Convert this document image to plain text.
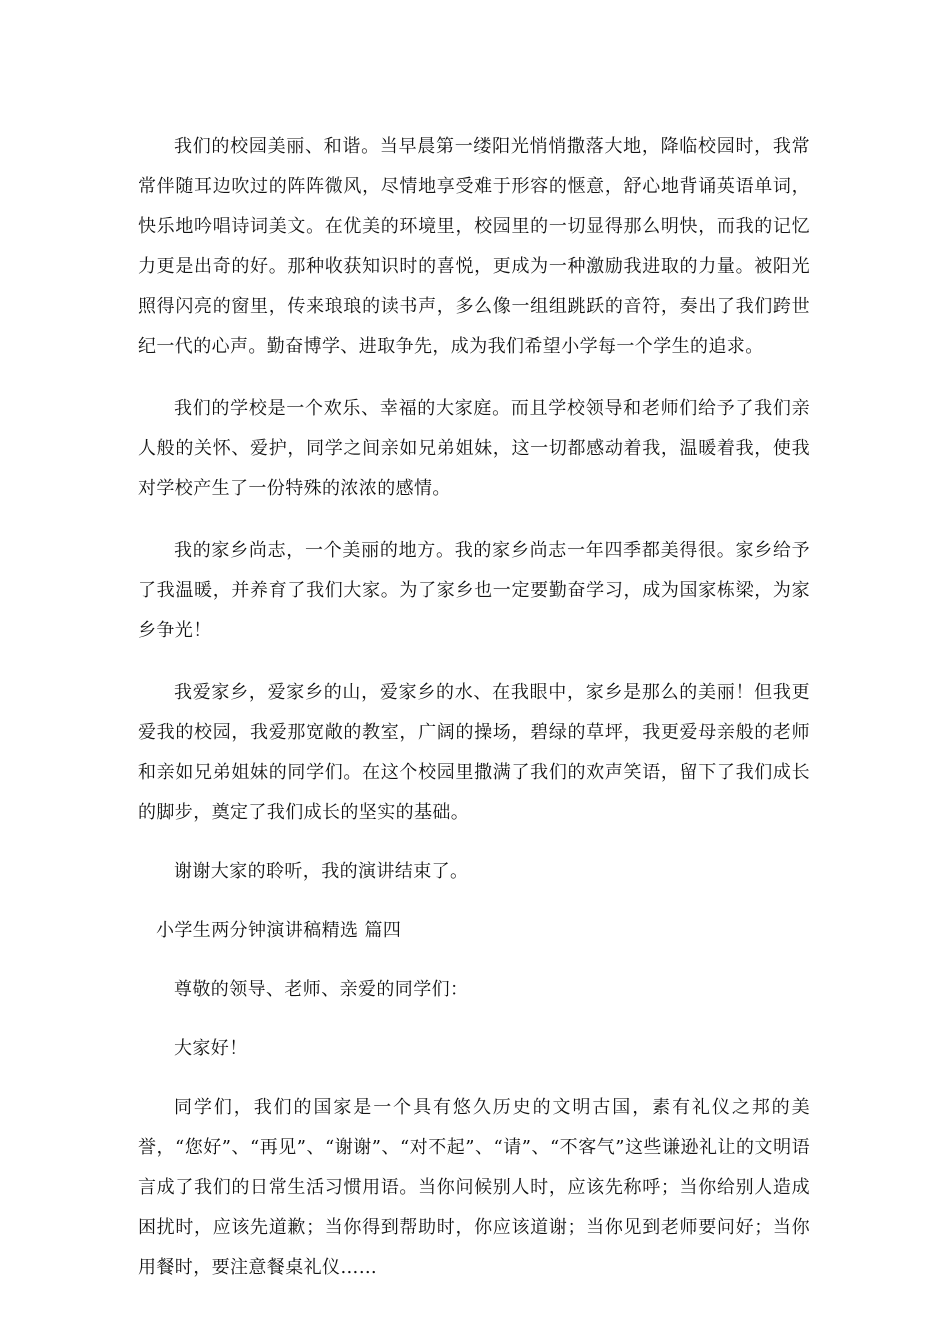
我们的校园美丽、和谐。当早晨第一缕阳光悄悄撒落大地，降临校园时，我常常伴随耳边吹过的阵阵微风，尽情地享受难于形容的惬意，舒心地背诵英语单词，快乐地吟唱诗词美文。在优美的环境里，校园里的一切显得那么明快，而我的记忆力更是出奇的好。那种收获知识时的喜悦，更成为一种激励我进取的力量。被阳光照得闪亮的窗里，传来琅琅的读书声，多么像一组组跳跃的音符，奏出了我们跨世纪一代的心声。勤奋博学、进取争先，成为我们希望小学每一个学生的追求。

我们的学校是一个欢乐、幸福的大家庭。而且学校领导和老师们给予了我们亲人般的关怀、爱护，同学之间亲如兄弟姐妹，这一切都感动着我，温暖着我，使我对学校产生了一份特殊的浓浓的感情。

我的家乡尚志，一个美丽的地方。我的家乡尚志一年四季都美得很。家乡给予了我温暖，并养育了我们大家。为了家乡也一定要勤奋学习，成为国家栋梁，为家乡争光！

我爱家乡，爱家乡的山，爱家乡的水、在我眼中，家乡是那么的美丽！但我更爱我的校园，我爱那宽敞的教室，广阔的操场，碧绿的草坪，我更爱母亲般的老师和亲如兄弟姐妹的同学们。在这个校园里撒满了我们的欢声笑语，留下了我们成长的脚步，奠定了我们成长的坚实的基础。

谢谢大家的聆听，我的演讲结束了。

小学生两分钟演讲稿精选 篇四

尊敬的领导、老师、亲爱的同学们：

大家好！

同学们，我们的国家是一个具有悠久历史的文明古国，素有礼仪之邦的美誉，“您好”、“再见”、“谢谢”、“对不起”、“请”、“不客气”这些谦逊礼让的文明语言成了我们的日常生活习惯用语。当你问候别人时，应该先称呼；当你给别人造成困扰时，应该先道歉；当你得到帮助时，你应该道谢；当你见到老师要问好；当你用餐时，要注意餐桌礼仪……
